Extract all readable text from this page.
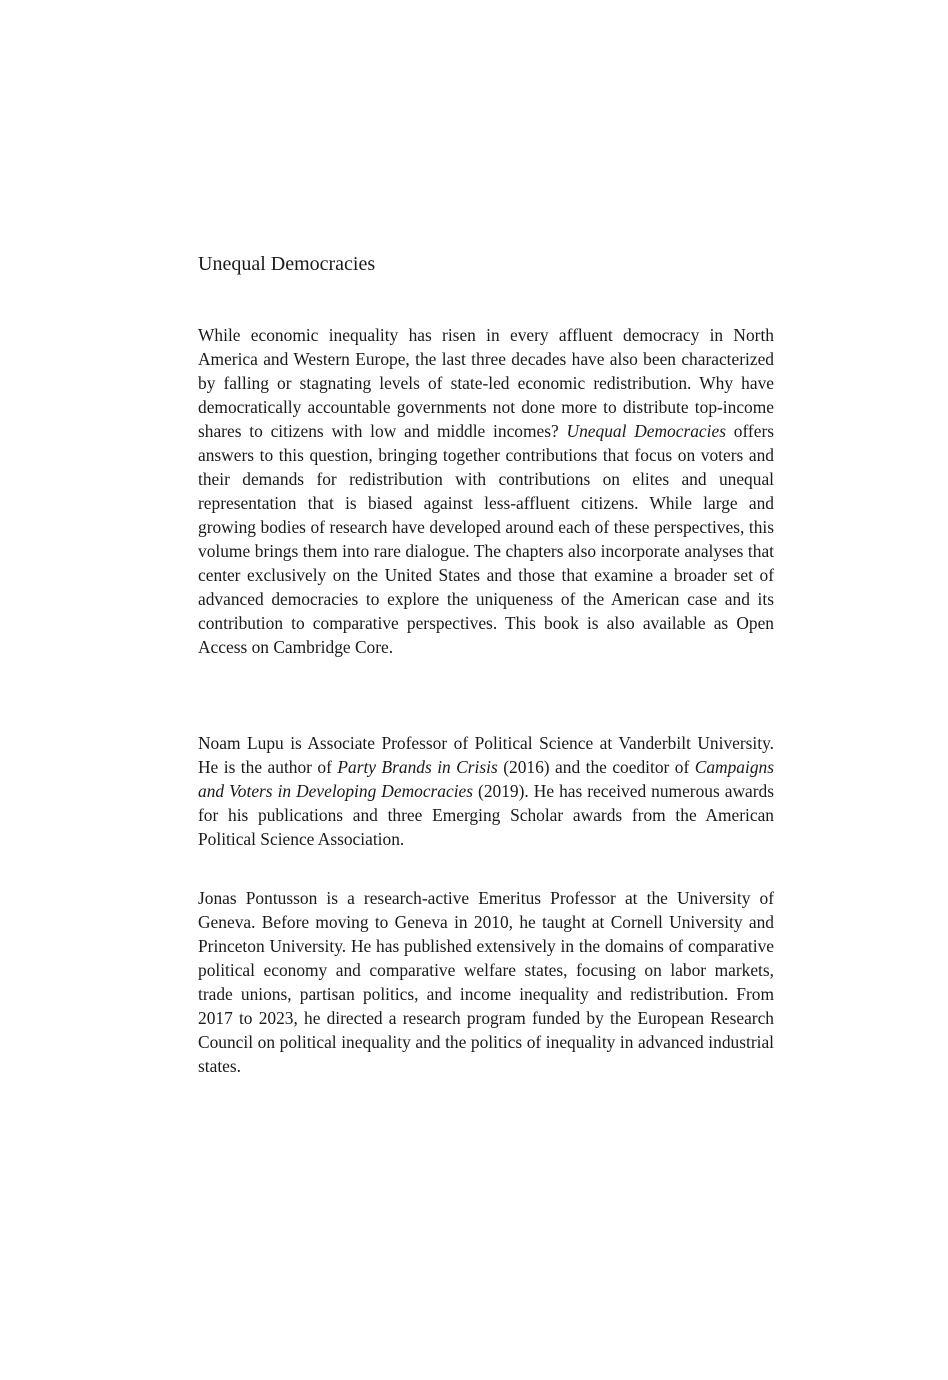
Unequal Democracies

While economic inequality has risen in every affluent democracy in North America and Western Europe, the last three decades have also been characterized by falling or stagnating levels of state-led economic redistribution. Why have democratically accountable governments not done more to distribute top-income shares to citizens with low and middle incomes? Unequal Democracies offers answers to this question, bringing together contributions that focus on voters and their demands for redistribution with contributions on elites and unequal representation that is biased against less-affluent citizens. While large and growing bodies of research have developed around each of these perspectives, this volume brings them into rare dialogue. The chapters also incorporate analyses that center exclusively on the United States and those that examine a broader set of advanced democracies to explore the uniqueness of the American case and its contribution to comparative perspectives. This book is also available as Open Access on Cambridge Core.

Noam Lupu is Associate Professor of Political Science at Vanderbilt University. He is the author of Party Brands in Crisis (2016) and the coeditor of Campaigns and Voters in Developing Democracies (2019). He has received numerous awards for his publications and three Emerging Scholar awards from the American Political Science Association.

Jonas Pontusson is a research-active Emeritus Professor at the University of Geneva. Before moving to Geneva in 2010, he taught at Cornell University and Princeton University. He has published extensively in the domains of comparative political economy and comparative welfare states, focusing on labor markets, trade unions, partisan politics, and income inequality and redistribution. From 2017 to 2023, he directed a research program funded by the European Research Council on political inequality and the politics of inequality in advanced industrial states.
